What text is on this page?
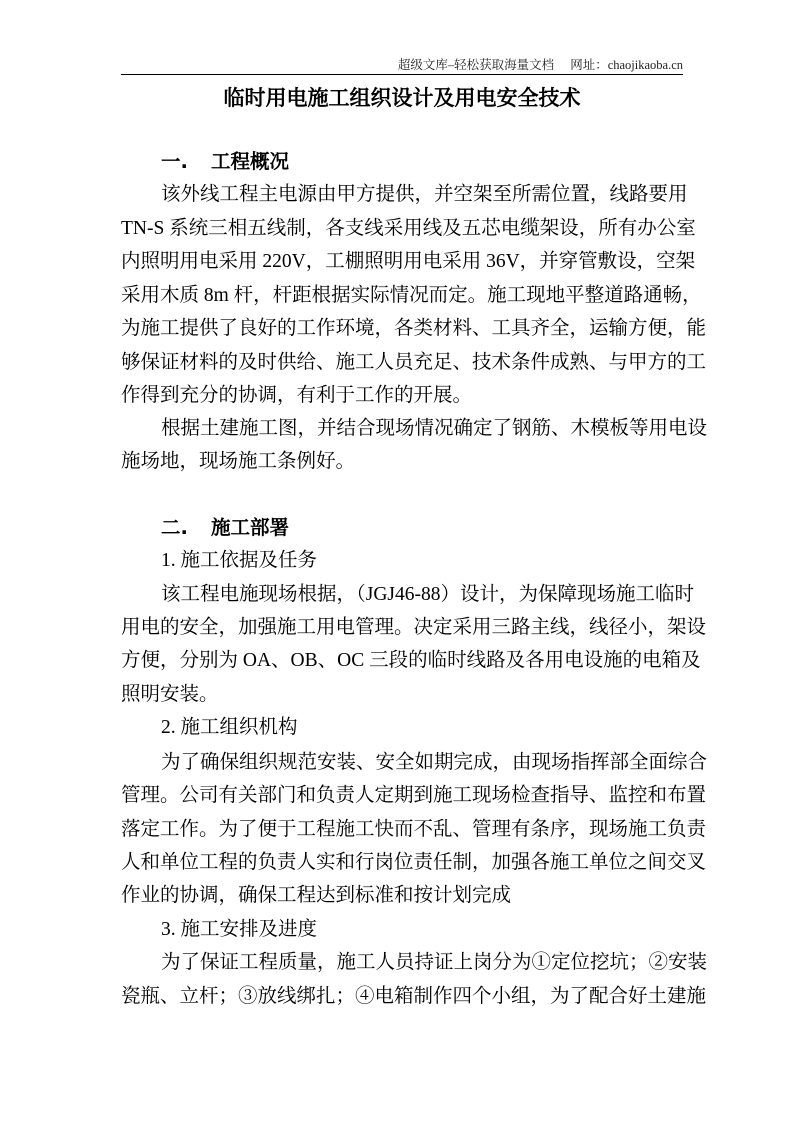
超级文库–轻松获取海量文档 网址：chaojikaoba.cn
临时用电施工组织设计及用电安全技术
一. 工程概况
该外线工程主电源由甲方提供，并空架至所需位置，线路要用
TN-S 系统三相五线制，各支线采用线及五芯电缆架设，所有办公室
内照明用电采用 220V，工棚照明用电采用 36V，并穿管敷设，空架
采用木质 8m 杆，杆距根据实际情况而定。施工现地平整道路通畅，
为施工提供了良好的工作环境，各类材料、工具齐全，运输方便，能
够保证材料的及时供给、施工人员充足、技术条件成熟、与甲方的工
作得到充分的协调，有利于工作的开展。
根据土建施工图，并结合现场情况确定了钢筋、木模板等用电设
施场地，现场施工条例好。
二. 施工部署
1. 施工依据及任务
该工程电施现场根据，（JGJ46-88）设计，为保障现场施工临时
用电的安全，加强施工用电管理。决定采用三路主线，线径小，架设
方便，分别为 OA、OB、OC 三段的临时线路及各用电设施的电箱及
照明安装。
2. 施工组织机构
为了确保组织规范安装、安全如期完成，由现场指挥部全面综合
管理。公司有关部门和负责人定期到施工现场检查指导、监控和布置
落定工作。为了便于工程施工快而不乱、管理有条序，现场施工负责
人和单位工程的负责人实和行岗位责任制，加强各施工单位之间交叉
作业的协调，确保工程达到标准和按计划完成
3. 施工安排及进度
为了保证工程质量，施工人员持证上岗分为①定位挖坑；②安装
瓷瓶、立杆；③放线绑扎；④电箱制作四个小组，为了配合好土建施
